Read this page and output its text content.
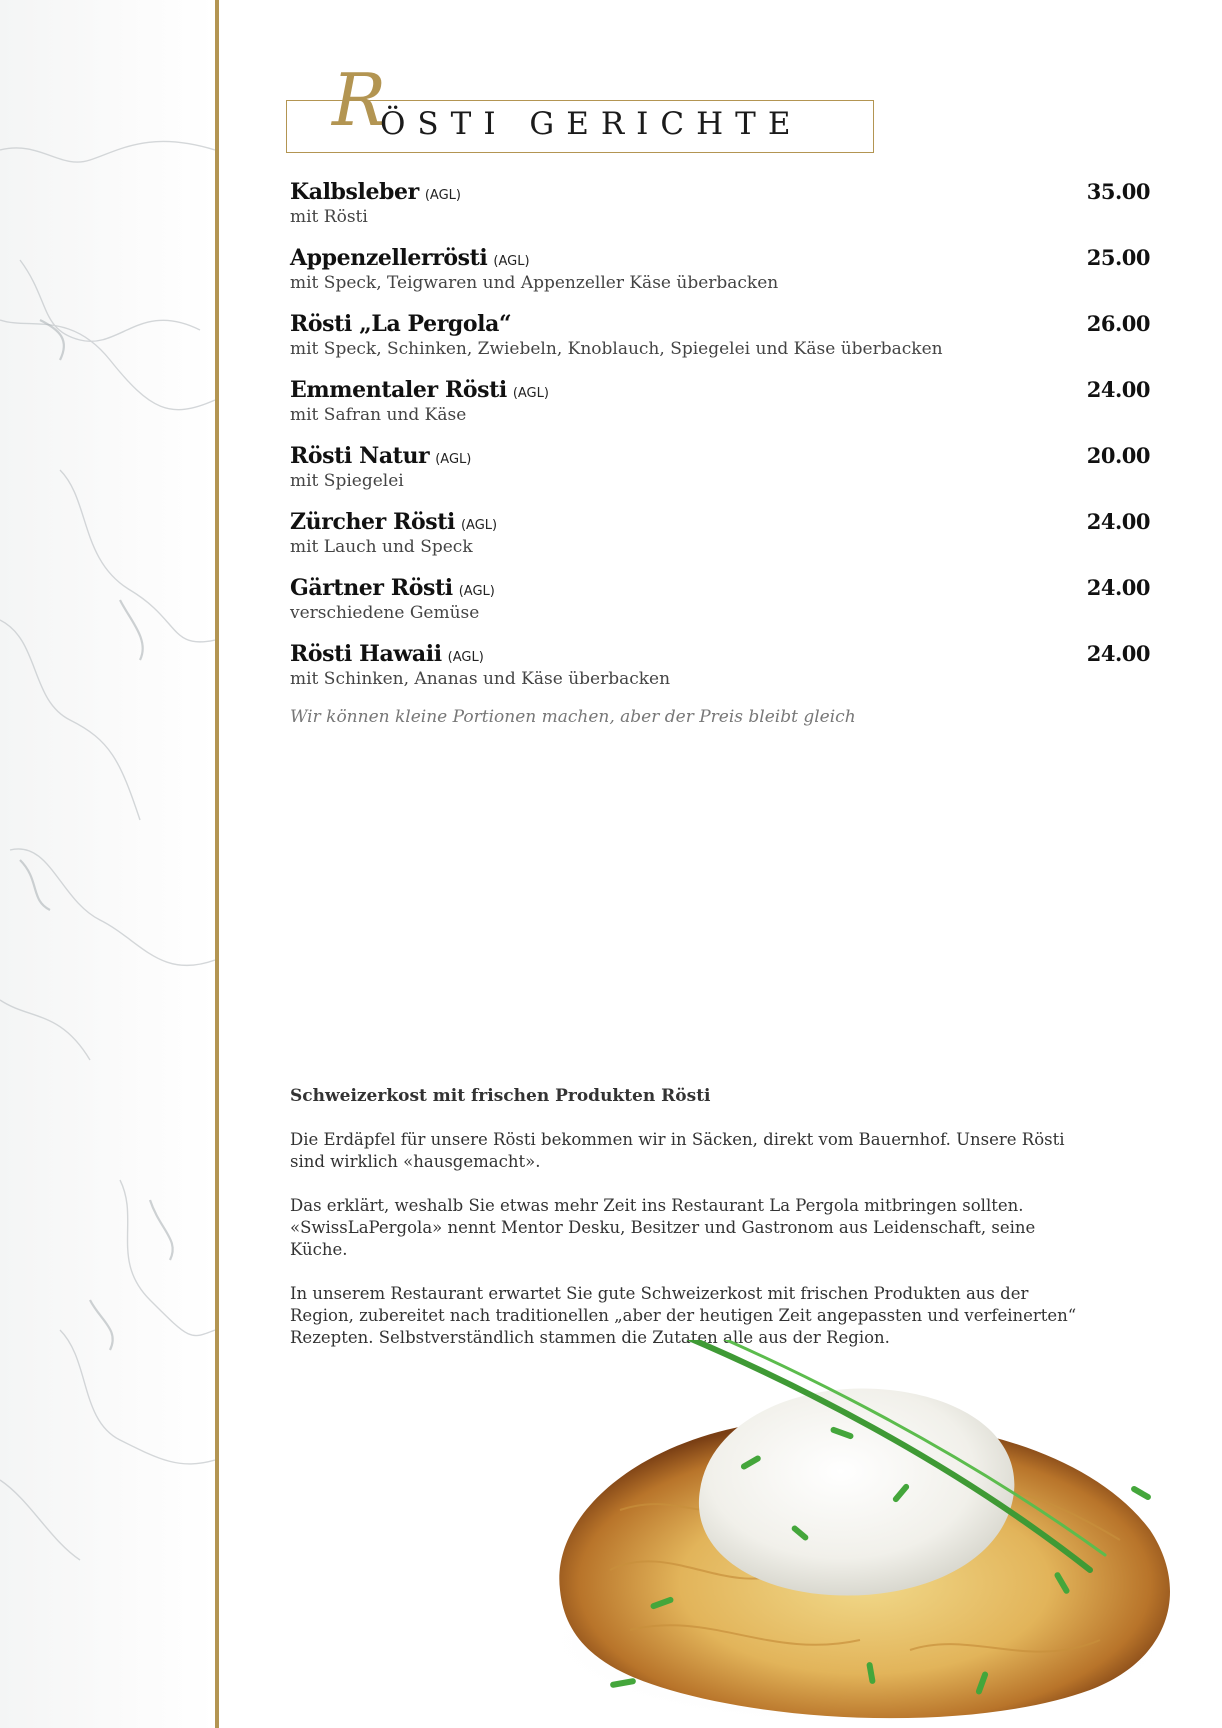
R
ÖSTI GERICHTE
Kalbsleber (AGL)
mit Rösti
35.00
Appenzellerrösti (AGL)
mit Speck, Teigwaren und Appenzeller Käse überbacken
25.00
Rösti „La Pergola“
mit Speck, Schinken, Zwiebeln, Knoblauch, Spiegelei und Käse überbacken
26.00
Emmentaler Rösti (AGL)
mit Safran und Käse
24.00
Rösti Natur (AGL)
mit Spiegelei
20.00
Zürcher Rösti (AGL)
mit Lauch und Speck
24.00
Gärtner Rösti (AGL)
verschiedene Gemüse
24.00
Rösti Hawaii (AGL)
mit Schinken, Ananas und Käse überbacken
24.00
Wir können kleine Portionen machen, aber der Preis bleibt gleich
Schweizerkost mit frischen Produkten Rösti

Die Erdäpfel für unsere Rösti bekommen wir in Säcken, direkt vom Bauernhof. Unsere Rösti sind wirklich «hausgemacht».

Das erklärt, weshalb Sie etwas mehr Zeit ins Restaurant La Pergola mitbringen sollten. «SwissLaPergola» nennt Mentor Desku, Besitzer und Gastronom aus Leidenschaft, seine Küche.

In unserem Restaurant erwartet Sie gute Schweizerkost mit frischen Produkten aus der Region, zubereitet nach traditionellen „aber der heutigen Zeit angepassten und verfeinerten“ Rezepten. Selbstverständlich stammen die Zutaten alle aus der Region.
